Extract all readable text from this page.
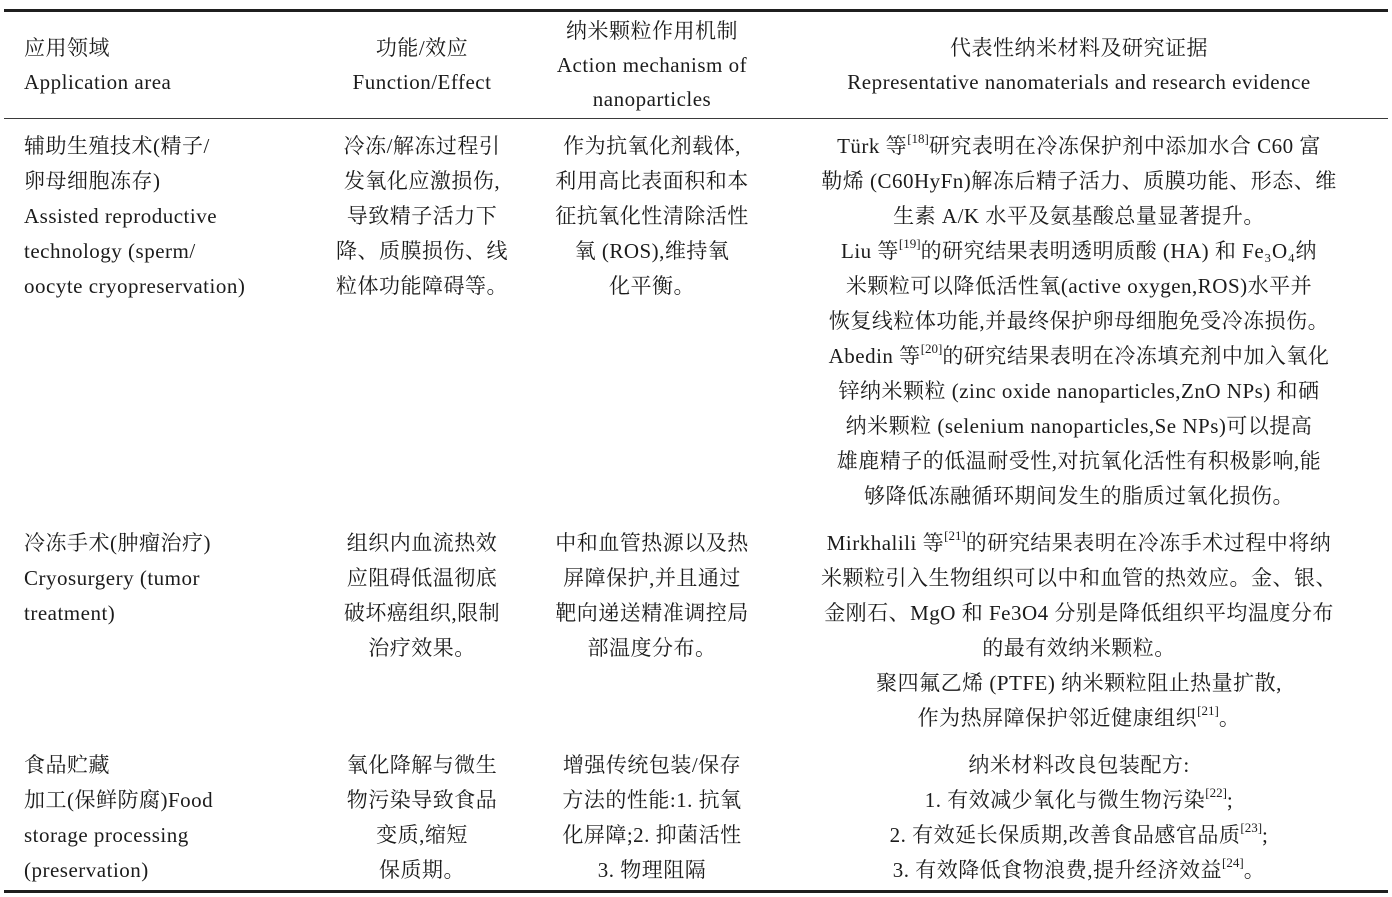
应用领域
Application area
功能/效应
Function/Effect
纳米颗粒作用机制
Action mechanism of
nanoparticles
代表性纳米材料及研究证据
Representative nanomaterials and research evidence
辅助生殖技术(精子/
卵母细胞冻存)
Assisted reproductive
technology (sperm/
oocyte cryopreservation)
冷冻/解冻过程引
发氧化应激损伤,
导致精子活力下
降、质膜损伤、线
粒体功能障碍等。
作为抗氧化剂载体,
利用高比表面积和本
征抗氧化性清除活性
氧 (ROS),维持氧
化平衡。
Türk 等[18]研究表明在冷冻保护剂中添加水合 C60 富
勒烯 (C60HyFn)解冻后精子活力、质膜功能、形态、维
生素 A/K 水平及氨基酸总量显著提升。
Liu 等[19]的研究结果表明透明质酸 (HA) 和 Fe₃O₄纳
米颗粒可以降低活性氧(active oxygen,ROS)水平并
恢复线粒体功能,并最终保护卵母细胞免受冷冻损伤。
Abedin 等[20]的研究结果表明在冷冻填充剂中加入氧化
锌纳米颗粒 (zinc oxide nanoparticles,ZnO NPs) 和硒
纳米颗粒 (selenium nanoparticles,Se NPs)可以提高
雄鹿精子的低温耐受性,对抗氧化活性有积极影响,能
够降低冻融循环期间发生的脂质过氧化损伤。
冷冻手术(肿瘤治疗)
Cryosurgery (tumor
treatment)
组织内血流热效
应阻碍低温彻底
破坏癌组织,限制
治疗效果。
中和血管热源以及热
屏障保护,并且通过
靶向递送精准调控局
部温度分布。
Mirkhalili 等[21]的研究结果表明在冷冻手术过程中将纳
米颗粒引入生物组织可以中和血管的热效应。金、银、
金刚石、MgO 和 Fe3O4 分别是降低组织平均温度分布
的最有效纳米颗粒。
聚四氟乙烯 (PTFE) 纳米颗粒阻止热量扩散,
作为热屏障保护邻近健康组织[21]。
食品贮藏
加工(保鲜防腐)Food
storage processing
(preservation)
氧化降解与微生
物污染导致食品
变质,缩短
保质期。
增强传统包装/保存
方法的性能:1. 抗氧
化屏障;2. 抑菌活性
3. 物理阻隔
纳米材料改良包装配方:
1. 有效减少氧化与微生物污染[22];
2. 有效延长保质期,改善食品感官品质[23];
3. 有效降低食物浪费,提升经济效益[24]。
